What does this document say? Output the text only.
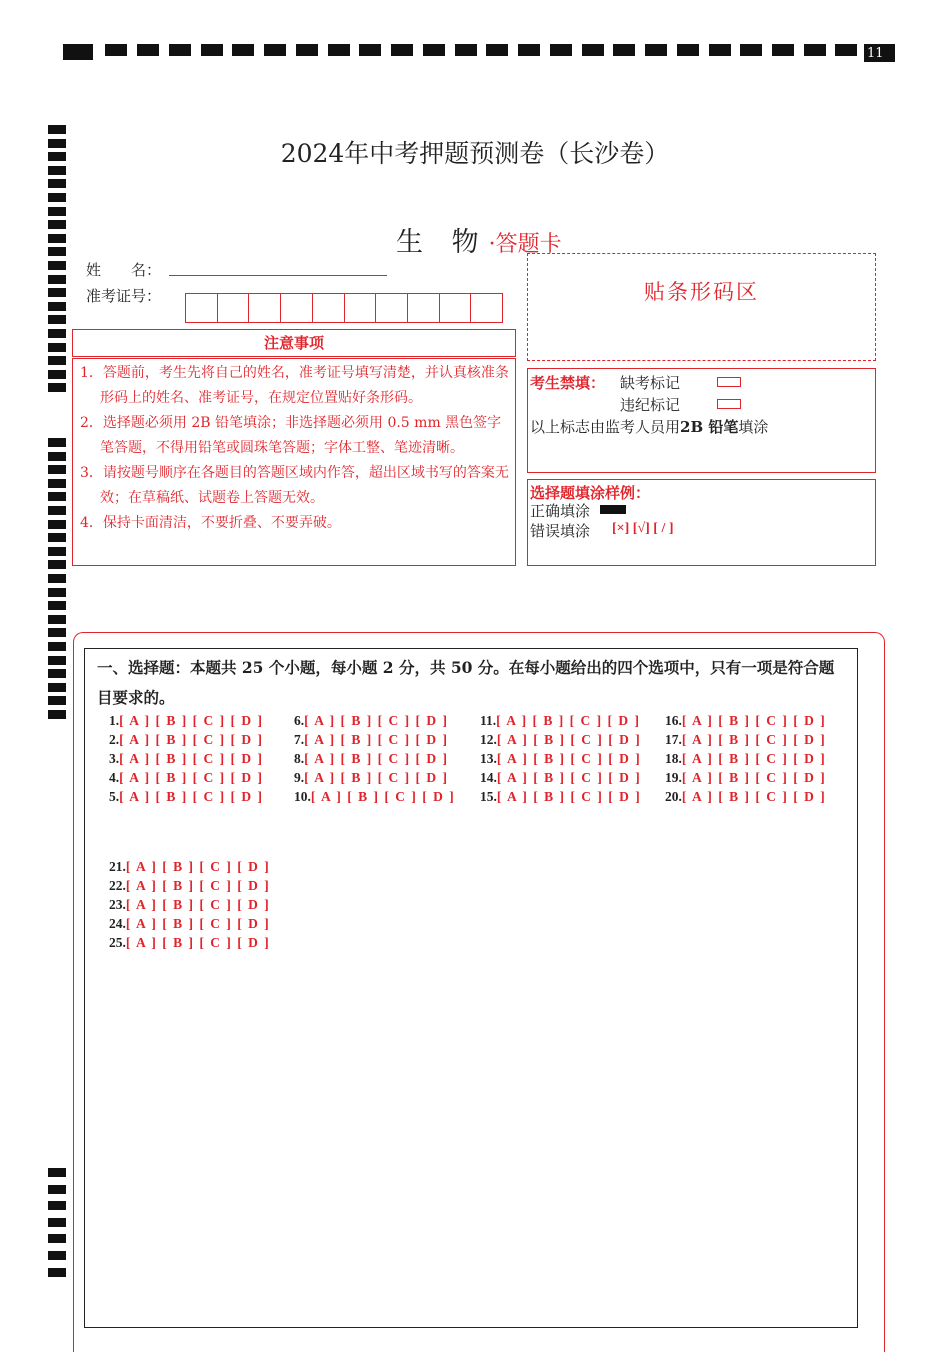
11
2024年中考押题预测卷（长沙卷）
生 物·答题卡
姓　　名：
准考证号：	贴条形码区
注意事项

1．答题前，考生先将自己的姓名，准考证号填写清楚，并认真核准条形码上的姓名、准考证号，在规定位置贴好条形码。

2．选择题必须用 2B 铅笔填涂；非选择题必须用 0.5 mm 黑色签字笔答题，不得用铅笔或圆珠笔答题；字体工整、笔迹清晰。

3．请按题号顺序在各题目的答题区域内作答，超出区域书写的答案无效；在草稿纸、试题卷上答题无效。

4．保持卡面清洁，不要折叠、不要弄破。

考生禁填： 缺考标记
违纪标记
以上标志由监考人员用2B 铅笔填涂
选择题填涂样例：
正确填涂
错误填涂 [×] [√] [ / ]
一、选择题：本题共 25 个小题，每小题 2 分，共 50 分。在每小题给出的四个选项中，只有一项是符合题目要求的。
1.[ A ] [ B ] [ C ] [ D ]
2.[ A ] [ B ] [ C ] [ D ]
3.[ A ] [ B ] [ C ] [ D ]
4.[ A ] [ B ] [ C ] [ D ]
5.[ A ] [ B ] [ C ] [ D ]
6.[ A ] [ B ] [ C ] [ D ]
7.[ A ] [ B ] [ C ] [ D ]
8.[ A ] [ B ] [ C ] [ D ]
9.[ A ] [ B ] [ C ] [ D ]
10.[ A ] [ B ] [ C ] [ D ]
11.[ A ] [ B ] [ C ] [ D ]
12.[ A ] [ B ] [ C ] [ D ]
13.[ A ] [ B ] [ C ] [ D ]
14.[ A ] [ B ] [ C ] [ D ]
15.[ A ] [ B ] [ C ] [ D ]
16.[ A ] [ B ] [ C ] [ D ]
17.[ A ] [ B ] [ C ] [ D ]
18.[ A ] [ B ] [ C ] [ D ]
19.[ A ] [ B ] [ C ] [ D ]
20.[ A ] [ B ] [ C ] [ D ]
21.[ A ] [ B ] [ C ] [ D ]
22.[ A ] [ B ] [ C ] [ D ]
23.[ A ] [ B ] [ C ] [ D ]
24.[ A ] [ B ] [ C ] [ D ]
25.[ A ] [ B ] [ C ] [ D ]
